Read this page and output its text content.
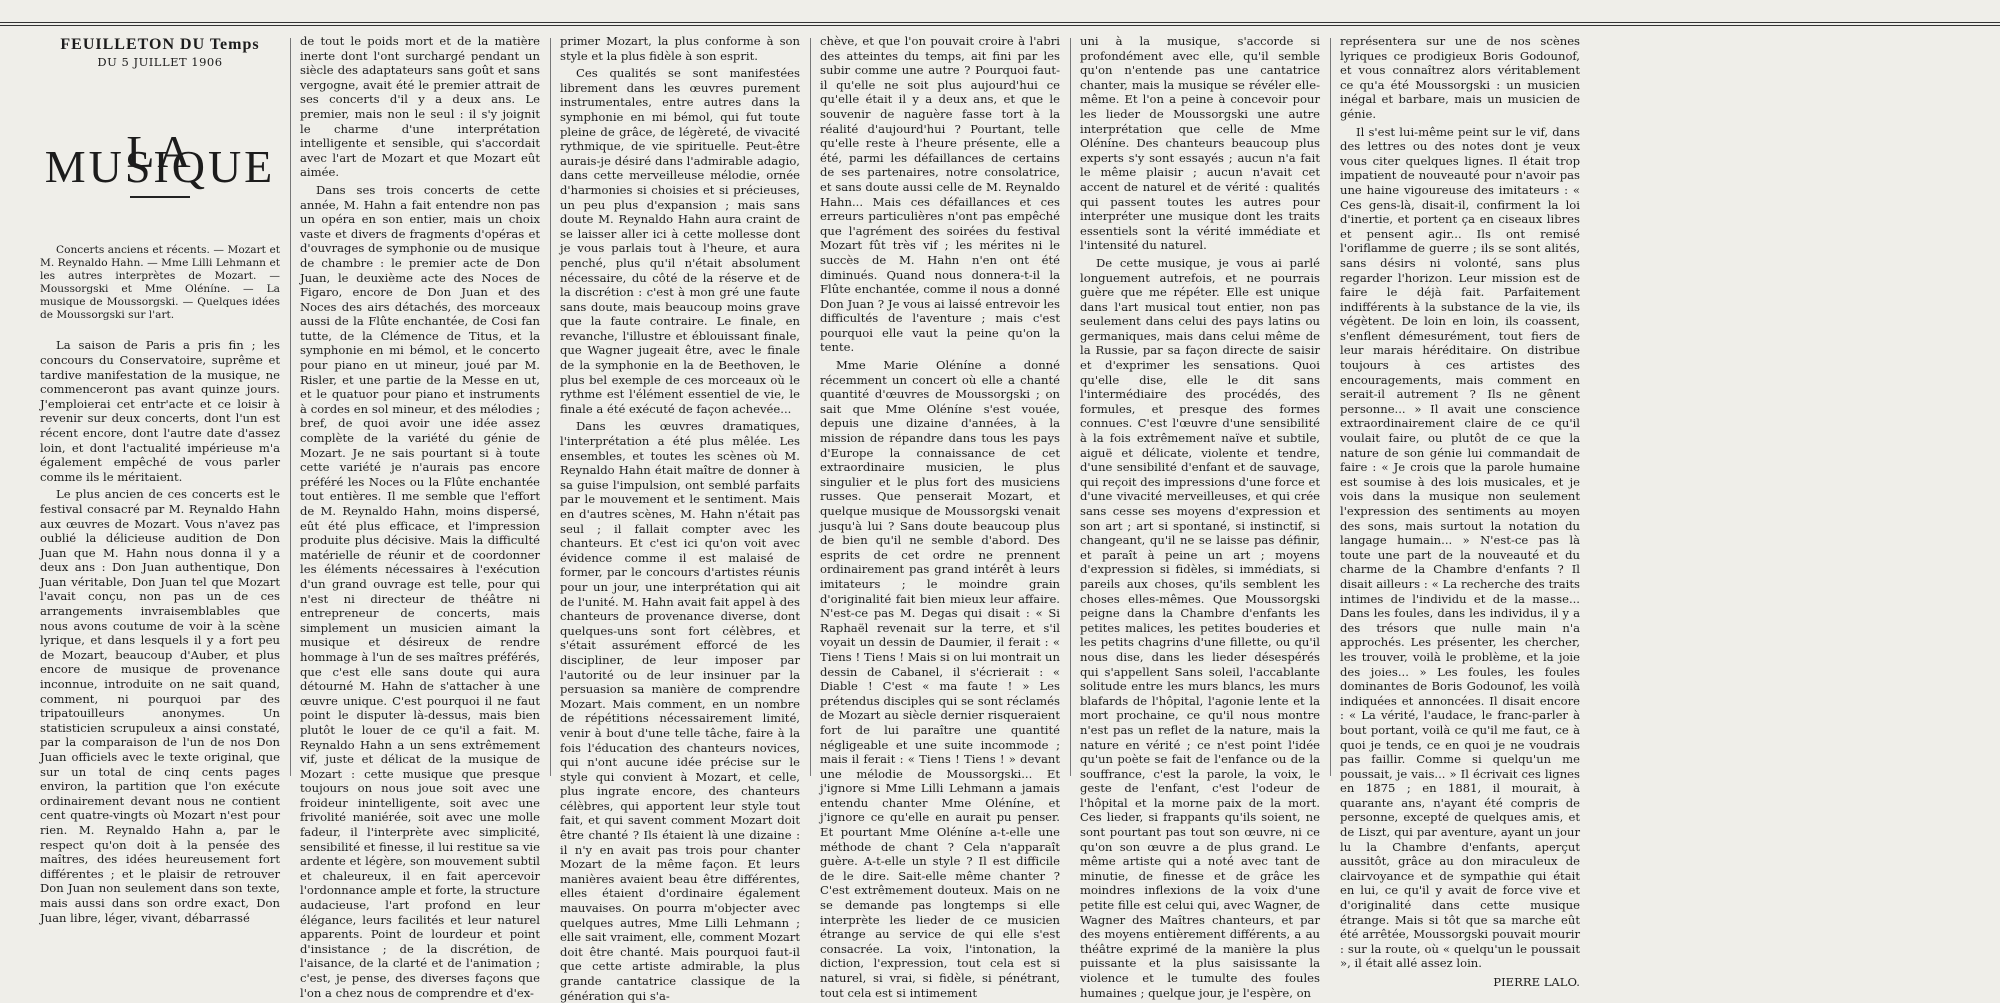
FEUILLETON DU Temps
DU 5 JUILLET 1906
LA MUSIQUE

Concerts anciens et récents. — Mozart et M. Reynaldo Hahn. — Mme Lilli Lehmann et les autres interprètes de Mozart. — Moussorgski et Mme Oléníne. — La musique de Moussorgski. — Quelques idées de Moussorgski sur l'art.

La saison de Paris a pris fin ; les concours du Conservatoire, suprême et tardive manifestation de la musique, ne commenceront pas avant quinze jours. J'emploierai cet entr'acte et ce loisir à revenir sur deux concerts, dont l'un est récent encore, dont l'autre date d'assez loin, et dont l'actualité impérieuse m'a également empêché de vous parler comme ils le méritaient.

Le plus ancien de ces concerts est le festival consacré par M. Reynaldo Hahn aux œuvres de Mozart. Vous n'avez pas oublié la délicieuse audition de Don Juan que M. Hahn nous donna il y a deux ans : Don Juan authentique, Don Juan véritable, Don Juan tel que Mozart l'avait conçu, non pas un de ces arrangements invraisemblables que nous avons coutume de voir à la scène lyrique, et dans lesquels il y a fort peu de Mozart, beaucoup d'Auber, et plus encore de musique de provenance inconnue, introduite on ne sait quand, comment, ni pourquoi par des tripatouilleurs anonymes. Un statisticien scrupuleux a ainsi constaté, par la comparaison de l'un de nos Don Juan officiels avec le texte original, que sur un total de cinq cents pages environ, la partition que l'on exécute ordinairement devant nous ne contient cent quatre-vingts où Mozart n'est pour rien. M. Reynaldo Hahn a, par le respect qu'on doit à la pensée des maîtres, des idées heureusement fort différentes ; et le plaisir de retrouver Don Juan non seulement dans son texte, mais aussi dans son ordre exact, Don Juan libre, léger, vivant, débarrassé

de tout le poids mort et de la matière inerte dont l'ont surchargé pendant un siècle des adaptateurs sans goût et sans vergogne, avait été le premier attrait de ses concerts d'il y a deux ans. Le premier, mais non le seul : il s'y joignit le charme d'une interprétation intelligente et sensible, qui s'accordait avec l'art de Mozart et que Mozart eût aimée.

Dans ses trois concerts de cette année, M. Hahn a fait entendre non pas un opéra en son entier, mais un choix vaste et divers de fragments d'opéras et d'ouvrages de symphonie ou de musique de chambre : le premier acte de Don Juan, le deuxième acte des Noces de Figaro, encore de Don Juan et des Noces des airs détachés, des morceaux aussi de la Flûte enchantée, de Cosi fan tutte, de la Clémence de Titus, et la symphonie en mi bémol, et le concerto pour piano en ut mineur, joué par M. Risler, et une partie de la Messe en ut, et le quatuor pour piano et instruments à cordes en sol mineur, et des mélodies ; bref, de quoi avoir une idée assez complète de la variété du génie de Mozart. Je ne sais pourtant si à toute cette variété je n'aurais pas encore préféré les Noces ou la Flûte enchantée tout entières. Il me semble que l'effort de M. Reynaldo Hahn, moins dispersé, eût été plus efficace, et l'impression produite plus décisive. Mais la difficulté matérielle de réunir et de coordonner les éléments nécessaires à l'exécution d'un grand ouvrage est telle, pour qui n'est ni directeur de théâtre ni entrepreneur de concerts, mais simplement un musicien aimant la musique et désireux de rendre hommage à l'un de ses maîtres préférés, que c'est elle sans doute qui aura détourné M. Hahn de s'attacher à une œuvre unique. C'est pourquoi il ne faut point le disputer là-dessus, mais bien plutôt le louer de ce qu'il a fait. M. Reynaldo Hahn a un sens extrêmement vif, juste et délicat de la musique de Mozart : cette musique que presque toujours on nous joue soit avec une froideur inintelligente, soit avec une frivolité maniérée, soit avec une molle fadeur, il l'interprète avec simplicité, sensibilité et finesse, il lui restitue sa vie ardente et légère, son mouvement subtil et chaleureux, il en fait apercevoir l'ordonnance ample et forte, la structure audacieuse, l'art profond en leur élégance, leurs facilités et leur naturel apparents. Point de lourdeur et point d'insistance ; de la discrétion, de l'aisance, de la clarté et de l'animation ; c'est, je pense, des diverses façons que l'on a chez nous de comprendre et d'ex-

primer Mozart, la plus conforme à son style et la plus fidèle à son esprit.

Ces qualités se sont manifestées librement dans les œuvres purement instrumentales, entre autres dans la symphonie en mi bémol, qui fut toute pleine de grâce, de légèreté, de vivacité rythmique, de vie spirituelle. Peut-être aurais-je désiré dans l'admirable adagio, dans cette merveilleuse mélodie, ornée d'harmonies si choisies et si précieuses, un peu plus d'expansion ; mais sans doute M. Reynaldo Hahn aura craint de se laisser aller ici à cette mollesse dont je vous parlais tout à l'heure, et aura penché, plus qu'il n'était absolument nécessaire, du côté de la réserve et de la discrétion : c'est à mon gré une faute sans doute, mais beaucoup moins grave que la faute contraire. Le finale, en revanche, l'illustre et éblouissant finale, que Wagner jugeait être, avec le finale de la symphonie en la de Beethoven, le plus bel exemple de ces morceaux où le rythme est l'élément essentiel de vie, le finale a été exécuté de façon achevée...

Dans les œuvres dramatiques, l'interprétation a été plus mêlée. Les ensembles, et toutes les scènes où M. Reynaldo Hahn était maître de donner à sa guise l'impulsion, ont semblé parfaits par le mouvement et le sentiment. Mais en d'autres scènes, M. Hahn n'était pas seul ; il fallait compter avec les chanteurs. Et c'est ici qu'on voit avec évidence comme il est malaisé de former, par le concours d'artistes réunis pour un jour, une interprétation qui ait de l'unité. M. Hahn avait fait appel à des chanteurs de provenance diverse, dont quelques-uns sont fort célèbres, et s'était assurément efforcé de les discipliner, de leur imposer par l'autorité ou de leur insinuer par la persuasion sa manière de comprendre Mozart. Mais comment, en un nombre de répétitions nécessairement limité, venir à bout d'une telle tâche, faire à la fois l'éducation des chanteurs novices, qui n'ont aucune idée précise sur le style qui convient à Mozart, et celle, plus ingrate encore, des chanteurs célèbres, qui apportent leur style tout fait, et qui savent comment Mozart doit être chanté ? Ils étaient là une dizaine : il n'y en avait pas trois pour chanter Mozart de la même façon. Et leurs manières avaient beau être différentes, elles étaient d'ordinaire également mauvaises. On pourra m'objecter avec quelques autres, Mme Lilli Lehmann ; elle sait vraiment, elle, comment Mozart doit être chanté. Mais pourquoi faut-il que cette artiste admirable, la plus grande cantatrice classique de la génération qui s'a-

chève, et que l'on pouvait croire à l'abri des atteintes du temps, ait fini par les subir comme une autre ? Pourquoi faut-il qu'elle ne soit plus aujourd'hui ce qu'elle était il y a deux ans, et que le souvenir de naguère fasse tort à la réalité d'aujourd'hui ? Pourtant, telle qu'elle reste à l'heure présente, elle a été, parmi les défaillances de certains de ses partenaires, notre consolatrice, et sans doute aussi celle de M. Reynaldo Hahn... Mais ces défaillances et ces erreurs particulières n'ont pas empêché que l'agrément des soirées du festival Mozart fût très vif ; les mérites ni le succès de M. Hahn n'en ont été diminués. Quand nous donnera-t-il la Flûte enchantée, comme il nous a donné Don Juan ? Je vous ai laissé entrevoir les difficultés de l'aventure ; mais c'est pourquoi elle vaut la peine qu'on la tente.

Mme Marie Oléníne a donné récemment un concert où elle a chanté quantité d'œuvres de Moussorgski ; on sait que Mme Oléníne s'est vouée, depuis une dizaine d'années, à la mission de répandre dans tous les pays d'Europe la connaissance de cet extraordinaire musicien, le plus singulier et le plus fort des musiciens russes. Que penserait Mozart, et quelque musique de Moussorgski venait jusqu'à lui ? Sans doute beaucoup plus de bien qu'il ne semble d'abord. Des esprits de cet ordre ne prennent ordinairement pas grand intérêt à leurs imitateurs ; le moindre grain d'originalité fait bien mieux leur affaire. N'est-ce pas M. Degas qui disait : « Si Raphaël revenait sur la terre, et s'il voyait un dessin de Daumier, il ferait : « Tiens ! Tiens ! Mais si on lui montrait un dessin de Cabanel, il s'écrierait : « Diable ! C'est « ma faute ! » Les prétendus disciples qui se sont réclamés de Mozart au siècle dernier risqueraient fort de lui paraître une quantité négligeable et une suite incommode ; mais il ferait : « Tiens ! Tiens ! » devant une mélodie de Moussorgski... Et j'ignore si Mme Lilli Lehmann a jamais entendu chanter Mme Oléníne, et j'ignore ce qu'elle en aurait pu penser. Et pourtant Mme Oléníne a-t-elle une méthode de chant ? Cela n'apparaît guère. A-t-elle un style ? Il est difficile de le dire. Sait-elle même chanter ? C'est extrêmement douteux. Mais on ne se demande pas longtemps si elle interprète les lieder de ce musicien étrange au service de qui elle s'est consacrée. La voix, l'intonation, la diction, l'expression, tout cela est si naturel, si vrai, si fidèle, si pénétrant, tout cela est si intimement

uni à la musique, s'accorde si profondément avec elle, qu'il semble qu'on n'entende pas une cantatrice chanter, mais la musique se révéler elle-même. Et l'on a peine à concevoir pour les lieder de Moussorgski une autre interprétation que celle de Mme Oléníne. Des chanteurs beaucoup plus experts s'y sont essayés ; aucun n'a fait le même plaisir ; aucun n'avait cet accent de naturel et de vérité : qualités qui passent toutes les autres pour interpréter une musique dont les traits essentiels sont la vérité immédiate et l'intensité du naturel.

De cette musique, je vous ai parlé longuement autrefois, et ne pourrais guère que me répéter. Elle est unique dans l'art musical tout entier, non pas seulement dans celui des pays latins ou germaniques, mais dans celui même de la Russie, par sa façon directe de saisir et d'exprimer les sensations. Quoi qu'elle dise, elle le dit sans l'intermédiaire des procédés, des formules, et presque des formes connues. C'est l'œuvre d'une sensibilité à la fois extrêmement naïve et subtile, aiguë et délicate, violente et tendre, d'une sensibilité d'enfant et de sauvage, qui reçoit des impressions d'une force et d'une vivacité merveilleuses, et qui crée sans cesse ses moyens d'expression et son art ; art si spontané, si instinctif, si changeant, qu'il ne se laisse pas définir, et paraît à peine un art ; moyens d'expression si fidèles, si immédiats, si pareils aux choses, qu'ils semblent les choses elles-mêmes. Que Moussorgski peigne dans la Chambre d'enfants les petites malices, les petites bouderies et les petits chagrins d'une fillette, ou qu'il nous dise, dans les lieder désespérés qui s'appellent Sans soleil, l'accablante solitude entre les murs blancs, les murs blafards de l'hôpital, l'agonie lente et la mort prochaine, ce qu'il nous montre n'est pas un reflet de la nature, mais la nature en vérité ; ce n'est point l'idée qu'un poète se fait de l'enfance ou de la souffrance, c'est la parole, la voix, le geste de l'enfant, c'est l'odeur de l'hôpital et la morne paix de la mort. Ces lieder, si frappants qu'ils soient, ne sont pourtant pas tout son œuvre, ni ce qu'on son œuvre a de plus grand. Le même artiste qui a noté avec tant de minutie, de finesse et de grâce les moindres inflexions de la voix d'une petite fille est celui qui, avec Wagner, de Wagner des Maîtres chanteurs, et par des moyens entièrement différents, a au théâtre exprimé de la manière la plus puissante et la plus saisissante la violence et le tumulte des foules humaines ; quelque jour, je l'espère, on

représentera sur une de nos scènes lyriques ce prodigieux Boris Godounof, et vous connaîtrez alors véritablement ce qu'a été Moussorgski : un musicien inégal et barbare, mais un musicien de génie.

Il s'est lui-même peint sur le vif, dans des lettres ou des notes dont je veux vous citer quelques lignes. Il était trop impatient de nouveauté pour n'avoir pas une haine vigoureuse des imitateurs : « Ces gens-là, disait-il, confirment la loi d'inertie, et portent ça en ciseaux libres et pensent agir... Ils ont remisé l'oriflamme de guerre ; ils se sont alités, sans désirs ni volonté, sans plus regarder l'horizon. Leur mission est de faire le déjà fait. Parfaitement indifférents à la substance de la vie, ils végètent. De loin en loin, ils coassent, s'enflent démesurément, tout fiers de leur marais héréditaire. On distribue toujours à ces artistes des encouragements, mais comment en serait-il autrement ? Ils ne gênent personne... » Il avait une conscience extraordinairement claire de ce qu'il voulait faire, ou plutôt de ce que la nature de son génie lui commandait de faire : « Je crois que la parole humaine est soumise à des lois musicales, et je vois dans la musique non seulement l'expression des sentiments au moyen des sons, mais surtout la notation du langage humain... » N'est-ce pas là toute une part de la nouveauté et du charme de la Chambre d'enfants ? Il disait ailleurs : « La recherche des traits intimes de l'individu et de la masse... Dans les foules, dans les individus, il y a des trésors que nulle main n'a approchés. Les présenter, les chercher, les trouver, voilà le problème, et la joie des joies... » Les foules, les foules dominantes de Boris Godounof, les voilà indiquées et annoncées. Il disait encore : « La vérité, l'audace, le franc-parler à bout portant, voilà ce qu'il me faut, ce à quoi je tends, ce en quoi je ne voudrais pas faillir. Comme si quelqu'un me poussait, je vais... » Il écrivait ces lignes en 1875 ; en 1881, il mourait, à quarante ans, n'ayant été compris de personne, excepté de quelques amis, et de Liszt, qui par aventure, ayant un jour lu la Chambre d'enfants, aperçut aussitôt, grâce au don miraculeux de clairvoyance et de sympathie qui était en lui, ce qu'il y avait de force vive et d'originalité dans cette musique étrange. Mais si tôt que sa marche eût été arrêtée, Moussorgski pouvait mourir : sur la route, où « quelqu'un le poussait », il était allé assez loin.

PIERRE LALO.
